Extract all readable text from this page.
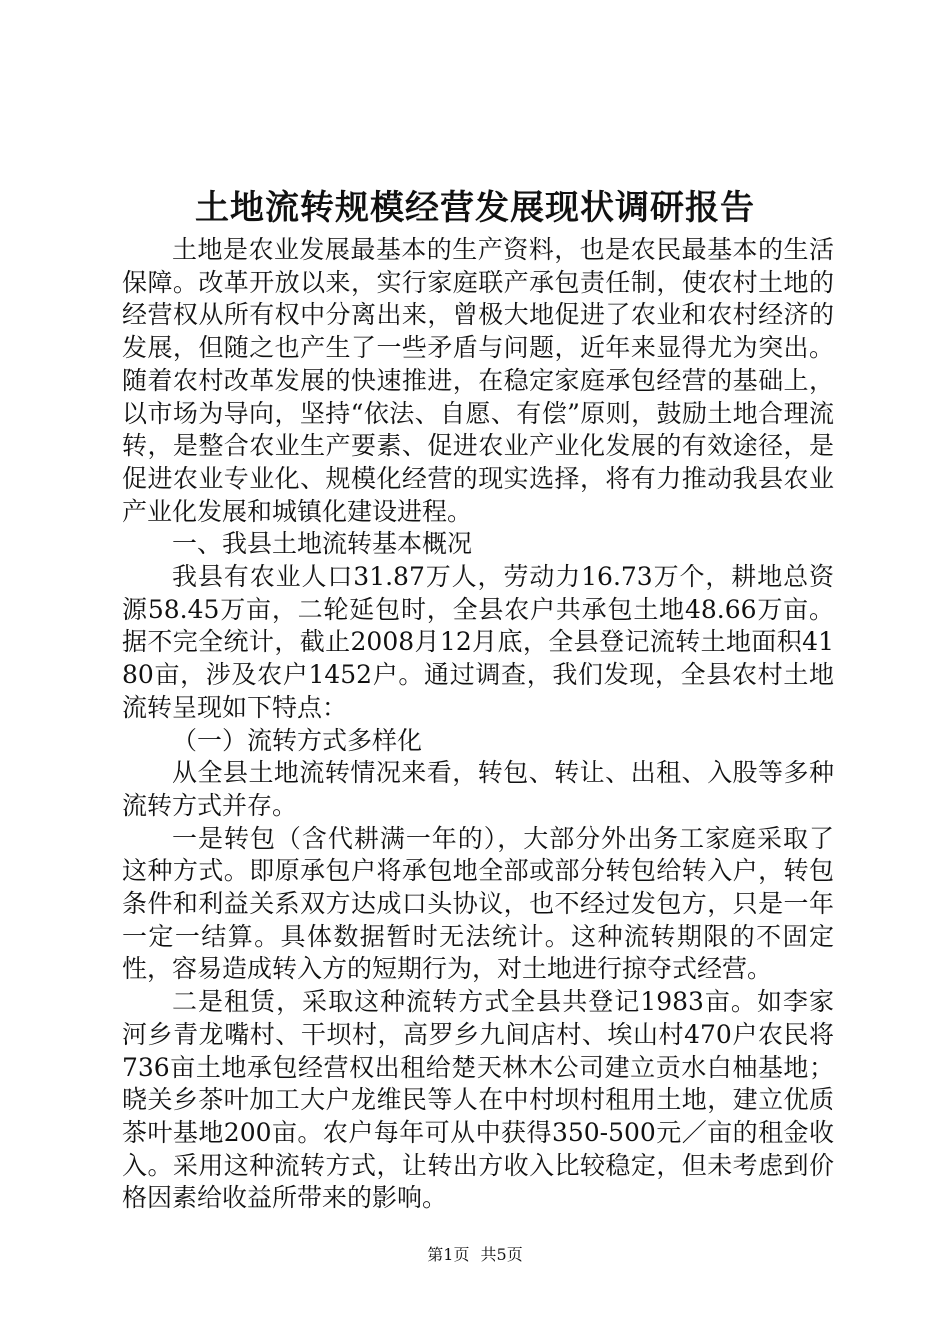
土地流转规模经营发展现状调研报告

土地是农业发展最基本的生产资料，也是农民最基本的生活保障。改革开放以来，实行家庭联产承包责任制，使农村土地的经营权从所有权中分离出来，曾极大地促进了农业和农村经济的发展，但随之也产生了一些矛盾与问题，近年来显得尤为突出。随着农村改革发展的快速推进，在稳定家庭承包经营的基础上，以市场为导向，坚持“依法、自愿、有偿”原则，鼓励土地合理流转，是整合农业生产要素、促进农业产业化发展的有效途径，是促进农业专业化、规模化经营的现实选择，将有力推动我县农业产业化发展和城镇化建设进程。

一、我县土地流转基本概况

我县有农业人口31.87万人，劳动力16.73万个，耕地总资源58.45万亩，二轮延包时，全县农户共承包土地48.66万亩。据不完全统计，截止2008月12月底，全县登记流转土地面积4180亩，涉及农户1452户。通过调查，我们发现，全县农村土地流转呈现如下特点：

（一）流转方式多样化

从全县土地流转情况来看，转包、转让、出租、入股等多种流转方式并存。

一是转包（含代耕满一年的），大部分外出务工家庭采取了这种方式。即原承包户将承包地全部或部分转包给转入户，转包条件和利益关系双方达成口头协议，也不经过发包方，只是一年一定一结算。具体数据暂时无法统计。这种流转期限的不固定性，容易造成转入方的短期行为，对土地进行掠夺式经营。

二是租赁，采取这种流转方式全县共登记1983亩。如李家河乡青龙嘴村、干坝村，高罗乡九间店村、埃山村470户农民将736亩土地承包经营权出租给楚天林木公司建立贡水白柚基地；晓关乡茶叶加工大户龙维民等人在中村坝村租用土地，建立优质茶叶基地200亩。农户每年可从中获得350-500元／亩的租金收入。采用这种流转方式，让转出方收入比较稳定，但未考虑到价格因素给收益所带来的影响。

第1页 共5页
